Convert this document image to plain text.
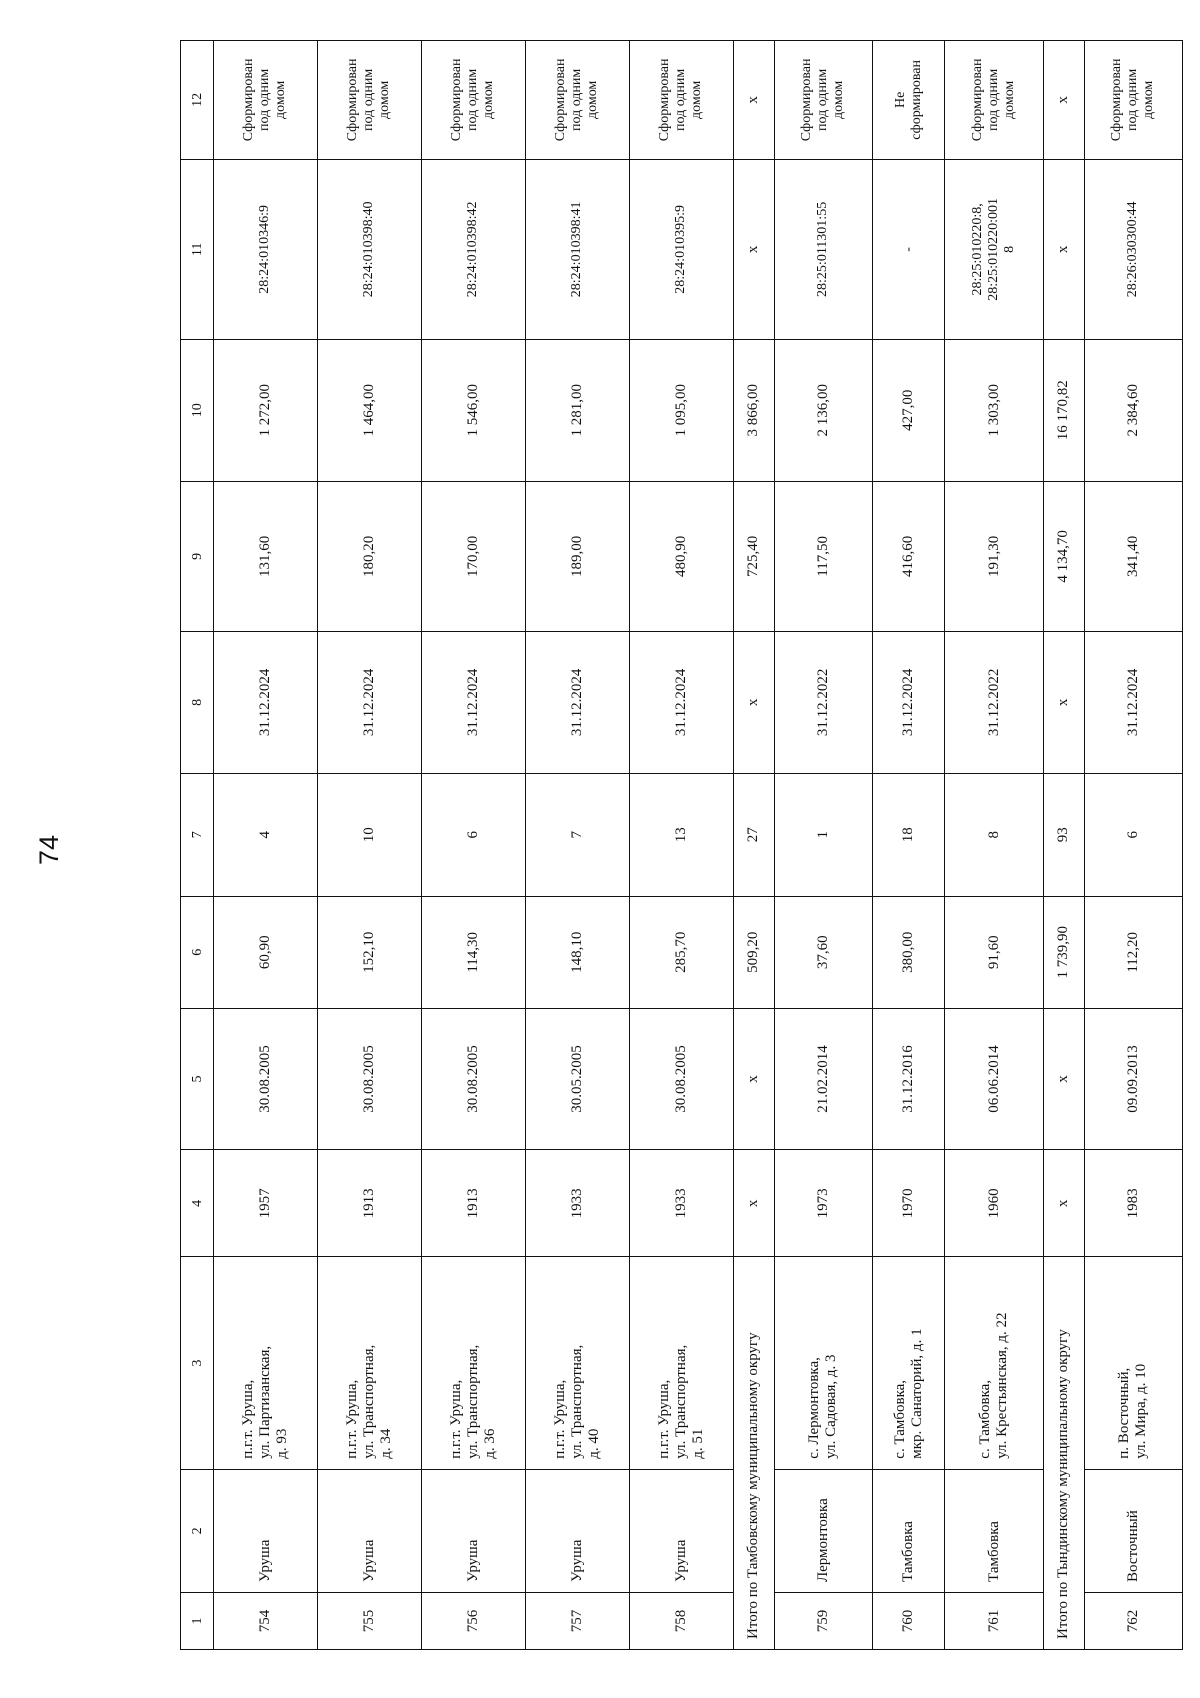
74
1	2	3	4	5	6	7	8	9	10	11	12
754	Уруша	п.г.т. Уруша,
ул. Партизанская,
д. 93	1957	30.08.2005	60,90	4	31.12.2024	131,60	1 272,00	28:24:010346:9	Сформирован
под одним
домом
755	Уруша	п.г.т. Уруша,
ул. Транспортная,
д. 34	1913	30.08.2005	152,10	10	31.12.2024	180,20	1 464,00	28:24:010398:40	Сформирован
под одним
домом
756	Уруша	п.г.т. Уруша,
ул. Транспортная,
д. 36	1913	30.08.2005	114,30	6	31.12.2024	170,00	1 546,00	28:24:010398:42	Сформирован
под одним
домом
757	Уруша	п.г.т. Уруша,
ул. Транспортная,
д. 40	1933	30.05.2005	148,10	7	31.12.2024	189,00	1 281,00	28:24:010398:41	Сформирован
под одним
домом
758	Уруша	п.г.т. Уруша,
ул. Транспортная,
д. 51	1933	30.08.2005	285,70	13	31.12.2024	480,90	1 095,00	28:24:010395:9	Сформирован
под одним
домом
Итого по Тамбовскому муниципальному округу			x	x	509,20	27	x	725,40	3 866,00	x	x
759	Лермонтовка	с. Лермонтовка,
ул. Садовая, д. 3	1973	21.02.2014	37,60	1	31.12.2022	117,50	2 136,00	28:25:011301:55	Сформирован
под одним
домом
760	Тамбовка	с. Тамбовка,
мкр. Санаторий, д. 1	1970	31.12.2016	380,00	18	31.12.2024	416,60	427,00	-	Не
сформирован
761	Тамбовка	с. Тамбовка,
ул. Крестьянская, д. 22	1960	06.06.2014	91,60	8	31.12.2022	191,30	1 303,00	28:25:010220:8,
28:25:010220:001
8	Сформирован
под одним
домом
Итого по Тындинскому муниципальному округу			x	x	1 739,90	93	x	4 134,70	16 170,82	x	x
762	Восточный	п. Восточный,
ул. Мира, д. 10	1983	09.09.2013	112,20	6	31.12.2024	341,40	2 384,60	28:26:030300:44	Сформирован
под одним
домом
